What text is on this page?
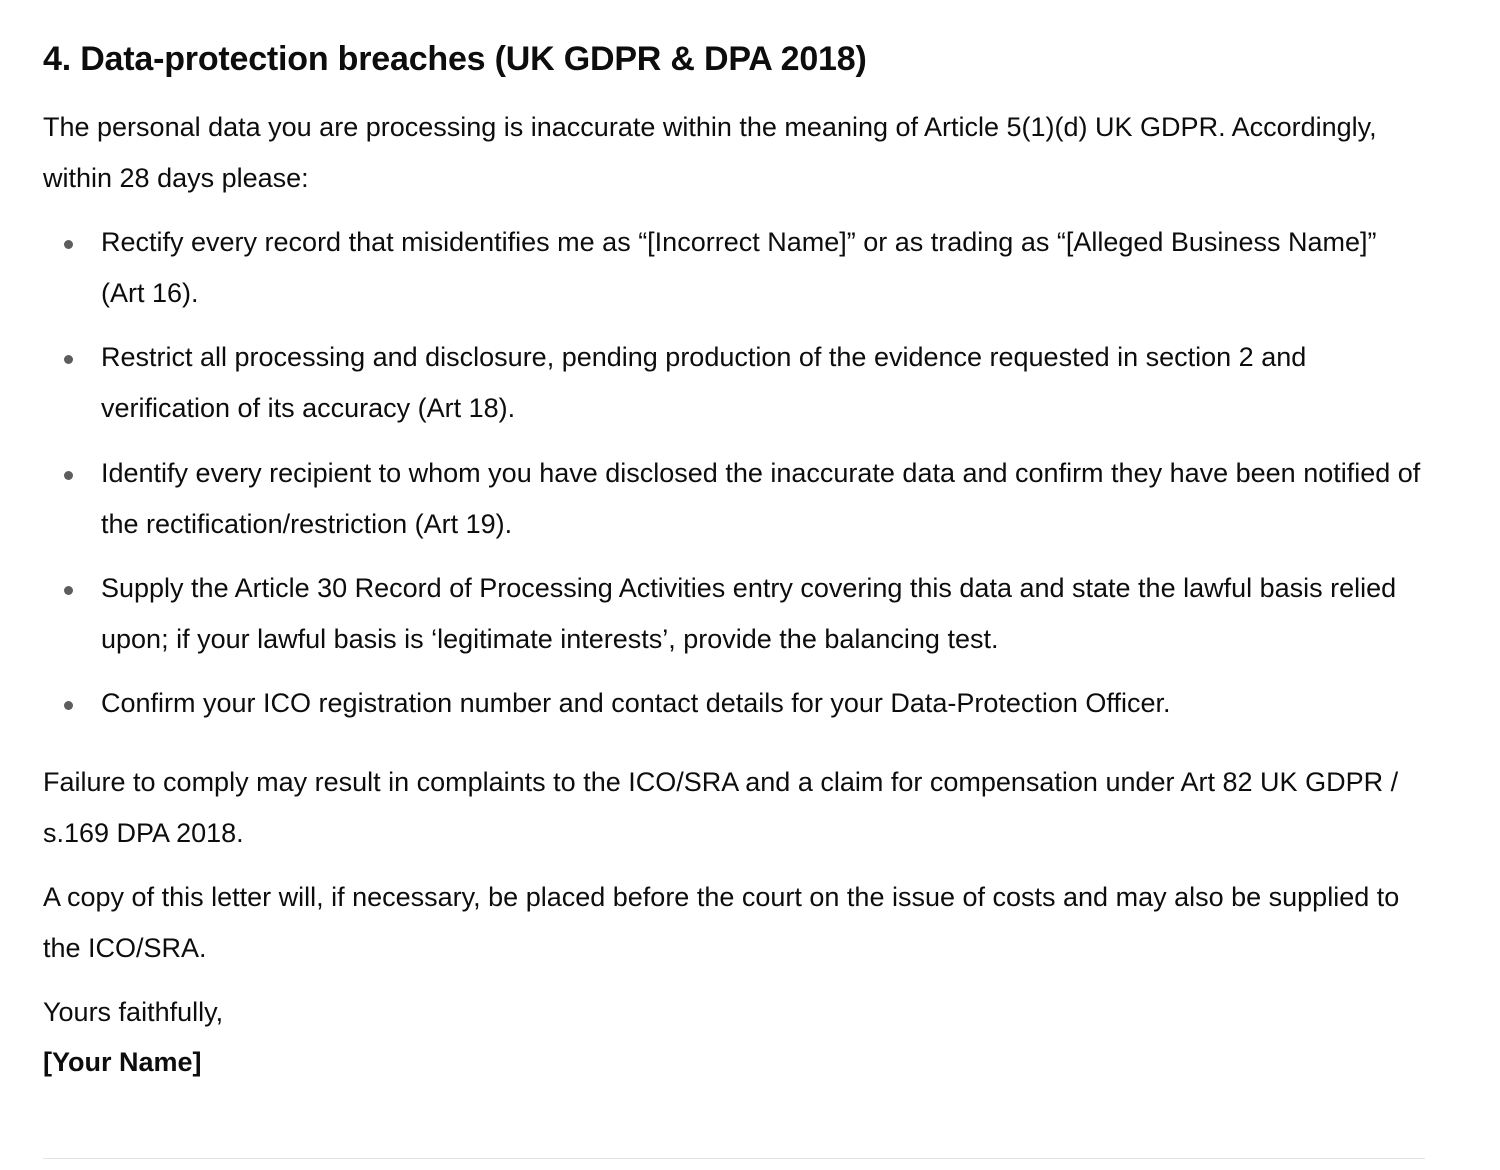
4. Data-protection breaches (UK GDPR & DPA 2018)

The personal data you are processing is inaccurate within the meaning of Article 5(1)(d) UK GDPR. Accordingly, within 28 days please:

Rectify every record that misidentifies me as “[Incorrect Name]” or as trading as “[Alleged Business Name]” (Art 16).
Restrict all processing and disclosure, pending production of the evidence requested in section 2 and verification of its accuracy (Art 18).
Identify every recipient to whom you have disclosed the inaccurate data and confirm they have been notified of the rectification/restriction (Art 19).
Supply the Article 30 Record of Processing Activities entry covering this data and state the lawful basis relied upon; if your lawful basis is ‘legitimate interests’, provide the balancing test.
Confirm your ICO registration number and contact details for your Data-Protection Officer.

Failure to comply may result in complaints to the ICO/SRA and a claim for compensation under Art 82 UK GDPR / s.169 DPA 2018.

A copy of this letter will, if necessary, be placed before the court on the issue of costs and may also be supplied to the ICO/SRA.

Yours faithfully,

[Your Name]
